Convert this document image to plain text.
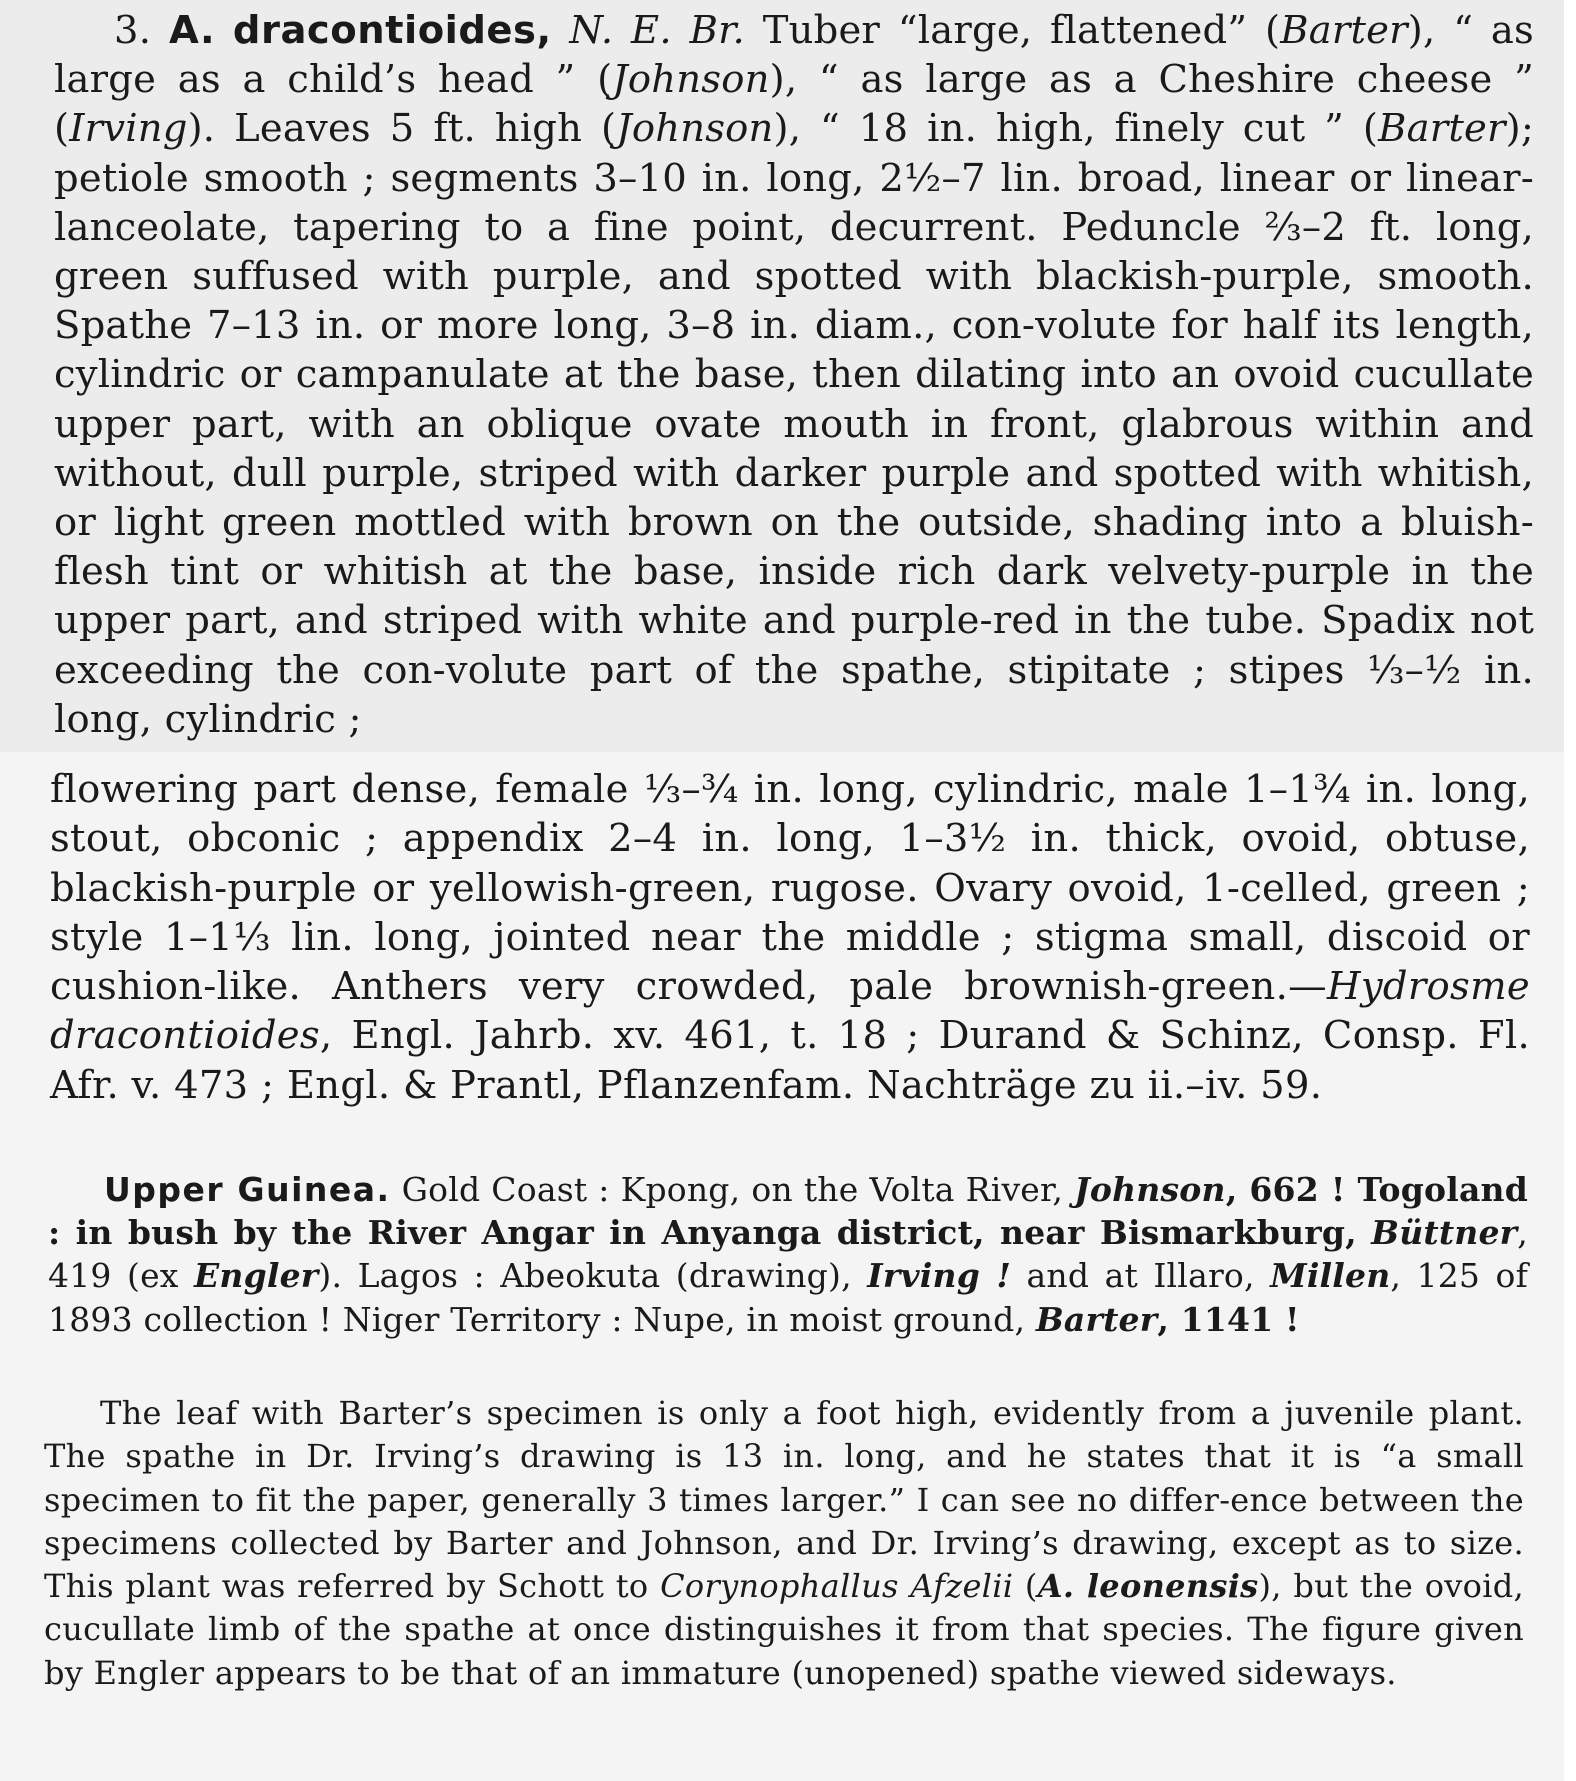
3. A. dracontioides, N. E. Br. Tuber “large, flattened” (Barter), “ as large as a child’s head ” (Johnson), “ as large as a Cheshire cheese ” (Irving). Leaves 5 ft. high (Johnson), “ 18 in. high, finely cut ” (Barter); petiole smooth ; segments 3–10 in. long, 2½–7 lin. broad, linear or linear-lanceolate, tapering to a fine point, decurrent. Peduncle ⅔–2 ft. long, green suffused with purple, and spotted with blackish-purple, smooth. Spathe 7–13 in. or more long, 3–8 in. diam., con-volute for half its length, cylindric or campanulate at the base, then dilating into an ovoid cucullate upper part, with an oblique ovate mouth in front, glabrous within and without, dull purple, striped with darker purple and spotted with whitish, or light green mottled with brown on the outside, shading into a bluish-flesh tint or whitish at the base, inside rich dark velvety-purple in the upper part, and striped with white and purple-red in the tube. Spadix not exceeding the con-volute part of the spathe, stipitate ; stipes ⅓–½ in. long, cylindric ;

flowering part dense, female ⅓–¾ in. long, cylindric, male 1–1¾ in. long, stout, obconic ; appendix 2–4 in. long, 1–3½ in. thick, ovoid, obtuse, blackish-purple or yellowish-green, rugose. Ovary ovoid, 1-celled, green ; style 1–1⅓ lin. long, jointed near the middle ; stigma small, discoid or cushion-like. Anthers very crowded, pale brownish-green.—Hydrosme dracontioides, Engl. Jahrb. xv. 461, t. 18 ; Durand & Schinz, Consp. Fl. Afr. v. 473 ; Engl. & Prantl, Pflanzenfam. Nachträge zu ii.–iv. 59.

Upper Guinea. Gold Coast : Kpong, on the Volta River, Johnson, 662 ! Togoland : in bush by the River Angar in Anyanga district, near Bismarkburg, Büttner, 419 (ex Engler). Lagos : Abeokuta (drawing), Irving ! and at Illaro, Millen, 125 of 1893 collection ! Niger Territory : Nupe, in moist ground, Barter, 1141 !

The leaf with Barter’s specimen is only a foot high, evidently from a juvenile plant. The spathe in Dr. Irving’s drawing is 13 in. long, and he states that it is “a small specimen to fit the paper, generally 3 times larger.” I can see no differ-ence between the specimens collected by Barter and Johnson, and Dr. Irving’s drawing, except as to size. This plant was referred by Schott to Corynophallus Afzelii (A. leonensis), but the ovoid, cucullate limb of the spathe at once distinguishes it from that species. The figure given by Engler appears to be that of an immature (unopened) spathe viewed sideways.
